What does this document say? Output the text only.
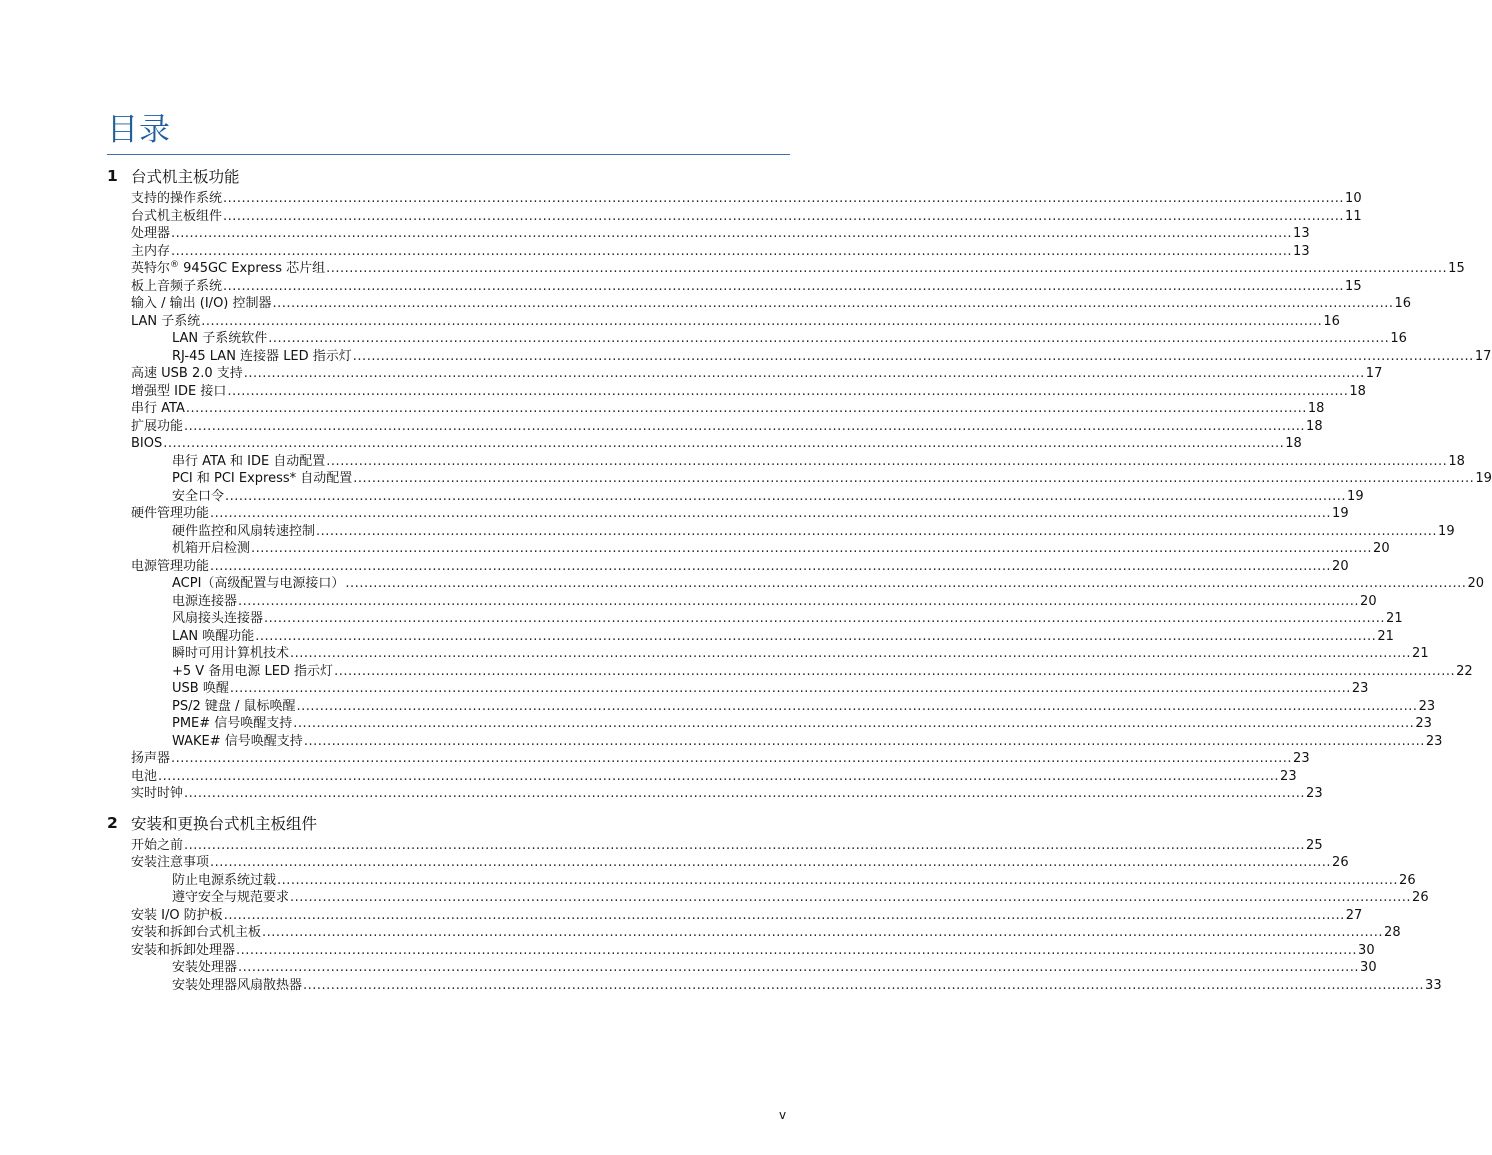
目录
1 台式机主板功能
支持的操作系统 .................................................................................................................................................................................................................................................. 10
台式机主板组件 .................................................................................................................................................................................................................................................. 11
处理器 .................................................................................................................................................................................................................................................. 13
主内存 .................................................................................................................................................................................................................................................. 13
英特尔® 945GC Express 芯片组 .................................................................................................................................................................................................................................................. 15
板上音频子系统 .................................................................................................................................................................................................................................................. 15
输入 / 输出 (I/O) 控制器 .................................................................................................................................................................................................................................................. 16
LAN 子系统 .................................................................................................................................................................................................................................................. 16
LAN 子系统软件 .................................................................................................................................................................................................................................................. 16
RJ-45 LAN 连接器 LED 指示灯 .................................................................................................................................................................................................................................................. 17
高速 USB 2.0 支持 .................................................................................................................................................................................................................................................. 17
增强型 IDE 接口 .................................................................................................................................................................................................................................................. 18
串行 ATA .................................................................................................................................................................................................................................................. 18
扩展功能 .................................................................................................................................................................................................................................................. 18
BIOS .................................................................................................................................................................................................................................................. 18
串行 ATA 和 IDE 自动配置 .................................................................................................................................................................................................................................................. 18
PCI 和 PCI Express* 自动配置 .................................................................................................................................................................................................................................................. 19
安全口令 .................................................................................................................................................................................................................................................. 19
硬件管理功能 .................................................................................................................................................................................................................................................. 19
硬件监控和风扇转速控制 .................................................................................................................................................................................................................................................. 19
机箱开启检测 .................................................................................................................................................................................................................................................. 20
电源管理功能 .................................................................................................................................................................................................................................................. 20
ACPI（高级配置与电源接口） .................................................................................................................................................................................................................................................. 20
电源连接器 .................................................................................................................................................................................................................................................. 20
风扇接头连接器 .................................................................................................................................................................................................................................................. 21
LAN 唤醒功能 .................................................................................................................................................................................................................................................. 21
瞬时可用计算机技术 .................................................................................................................................................................................................................................................. 21
+5 V 备用电源 LED 指示灯 .................................................................................................................................................................................................................................................. 22
USB 唤醒 .................................................................................................................................................................................................................................................. 23
PS/2 键盘 / 鼠标唤醒 .................................................................................................................................................................................................................................................. 23
PME# 信号唤醒支持 .................................................................................................................................................................................................................................................. 23
WAKE# 信号唤醒支持 .................................................................................................................................................................................................................................................. 23
扬声器 .................................................................................................................................................................................................................................................. 23
电池 .................................................................................................................................................................................................................................................. 23
实时时钟 .................................................................................................................................................................................................................................................. 23
2 安装和更换台式机主板组件
开始之前 .................................................................................................................................................................................................................................................. 25
安装注意事项 .................................................................................................................................................................................................................................................. 26
防止电源系统过载 .................................................................................................................................................................................................................................................. 26
遵守安全与规范要求 .................................................................................................................................................................................................................................................. 26
安装 I/O 防护板 .................................................................................................................................................................................................................................................. 27
安装和拆卸台式机主板 .................................................................................................................................................................................................................................................. 28
安装和拆卸处理器 .................................................................................................................................................................................................................................................. 30
安装处理器 .................................................................................................................................................................................................................................................. 30
安装处理器风扇散热器 .................................................................................................................................................................................................................................................. 33
v
